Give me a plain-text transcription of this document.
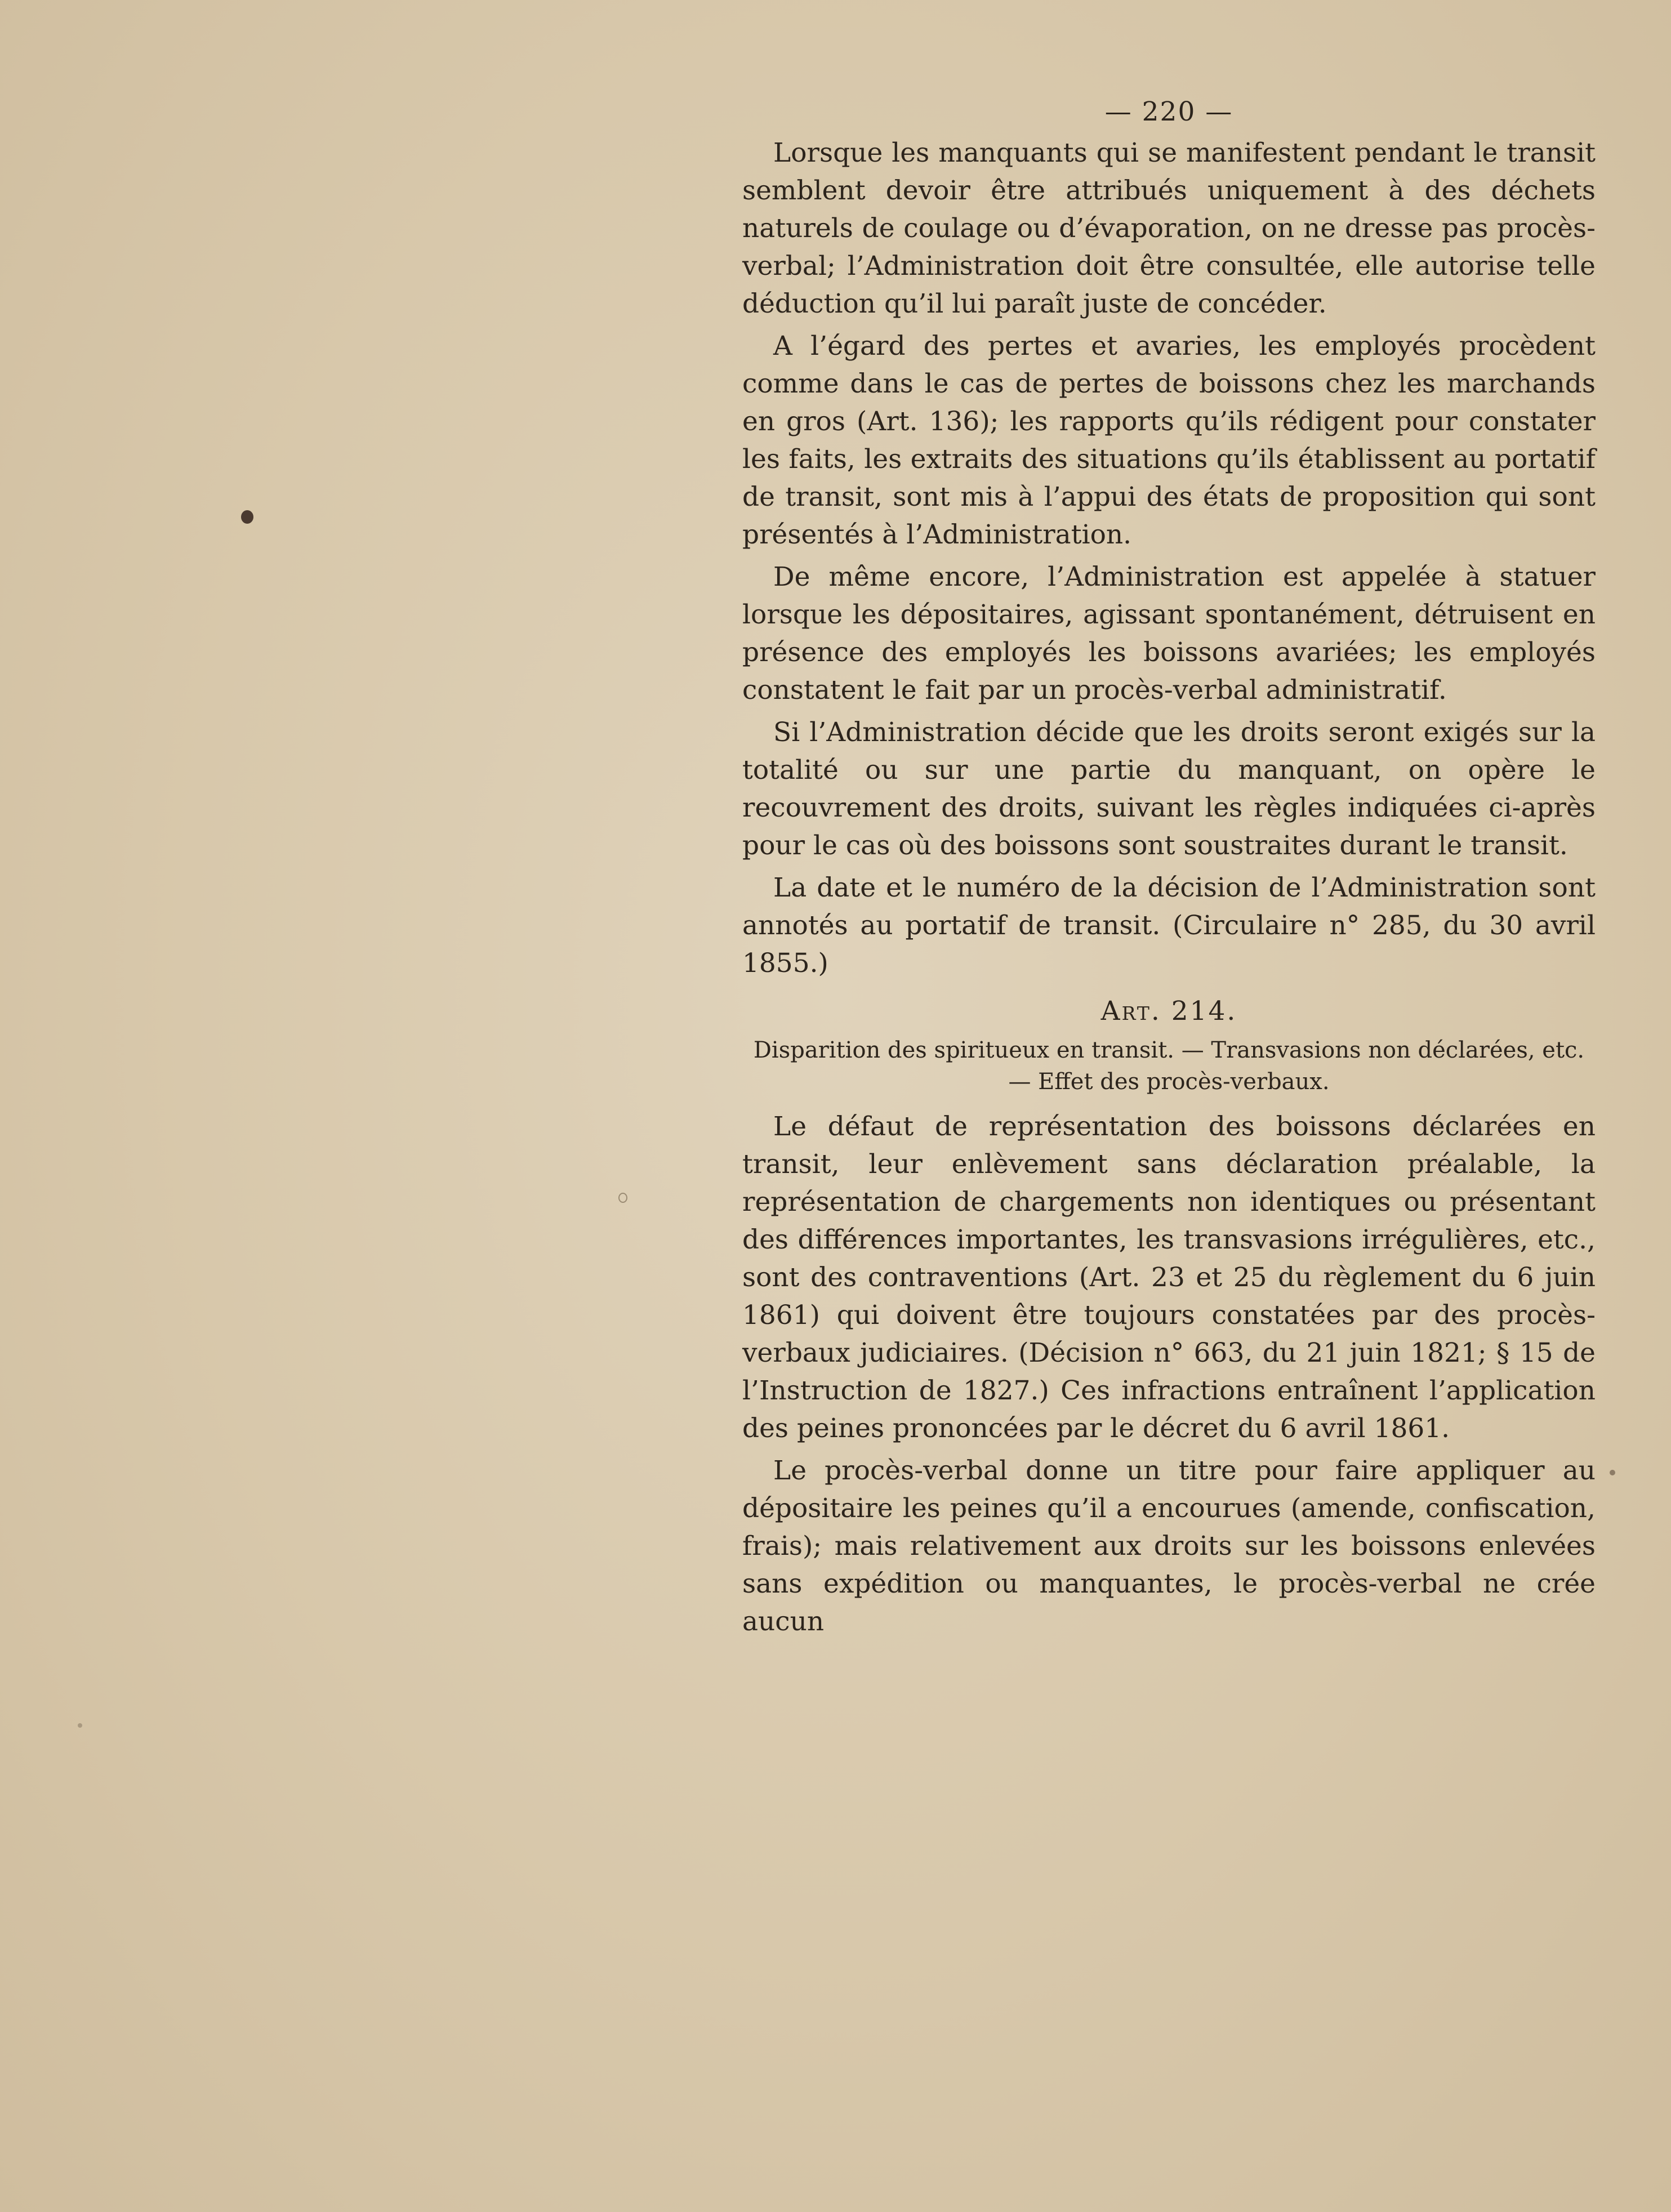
— 220 —

Lorsque les manquants qui se manifestent pendant le transit semblent devoir être attribués uniquement à des déchets naturels de coulage ou d’évaporation, on ne dresse pas procès-verbal; l’Administration doit être consultée, elle autorise telle déduction qu’il lui paraît juste de concéder.

A l’égard des pertes et avaries, les employés procèdent comme dans le cas de pertes de boissons chez les marchands en gros (Art. 136); les rapports qu’ils rédigent pour constater les faits, les extraits des situations qu’ils établissent au portatif de transit, sont mis à l’appui des états de proposition qui sont présentés à l’Administration.

De même encore, l’Administration est appelée à statuer lorsque les dépositaires, agissant spontanément, détruisent en présence des employés les boissons avariées; les employés constatent le fait par un procès-verbal administratif.

Si l’Administration décide que les droits seront exigés sur la totalité ou sur une partie du manquant, on opère le recouvrement des droits, suivant les règles indiquées ci-après pour le cas où des boissons sont soustraites durant le transit.

La date et le numéro de la décision de l’Administration sont annotés au portatif de transit. (Circulaire n° 285, du 30 avril 1855.)

Art. 214.
Disparition des spiritueux en transit. — Transvasions non déclarées, etc.
— Effet des procès-verbaux.

Le défaut de représentation des boissons déclarées en transit, leur enlèvement sans déclaration préalable, la représentation de chargements non identiques ou présentant des différences importantes, les transvasions irrégulières, etc., sont des contraventions (Art. 23 et 25 du règlement du 6 juin 1861) qui doivent être toujours constatées par des procès-verbaux judiciaires. (Décision n° 663, du 21 juin 1821; § 15 de l’Instruction de 1827.) Ces infractions entraînent l’application des peines prononcées par le décret du 6 avril 1861.

Le procès-verbal donne un titre pour faire appliquer au dépositaire les peines qu’il a encourues (amende, confiscation, frais); mais relativement aux droits sur les boissons enlevées sans expédition ou manquantes, le procès-verbal ne crée aucun
